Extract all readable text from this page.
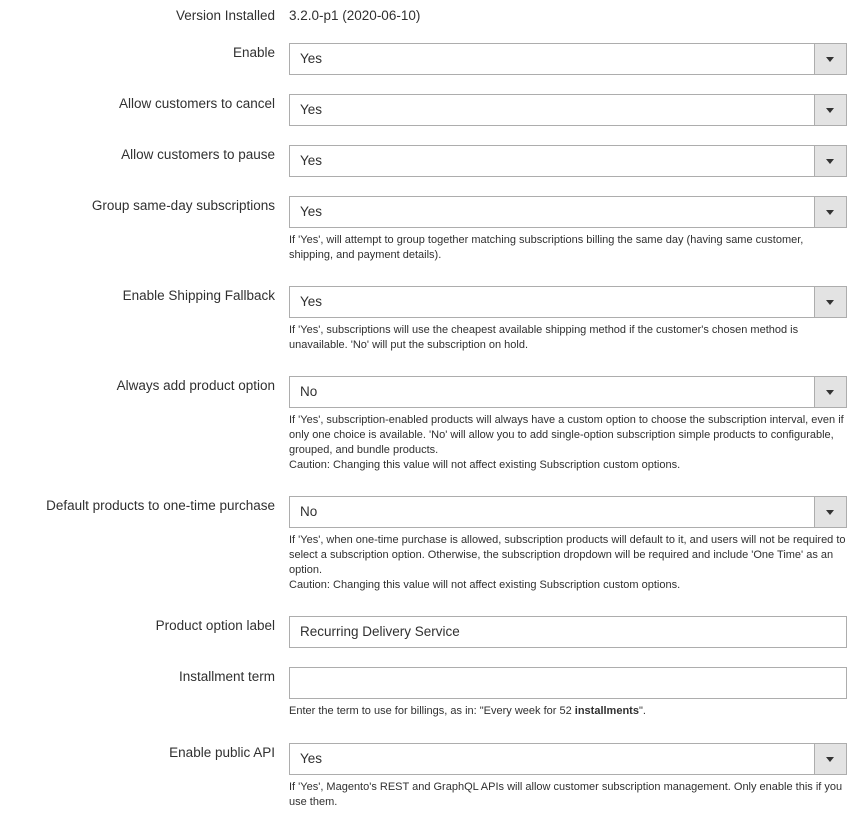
Version Installed 3.2.0-p1 (2020-06-10)
Enable Yes
Allow customers to cancel Yes
Allow customers to pause Yes
Group same-day subscriptions Yes
If 'Yes', will attempt to group together matching subscriptions billing the same day (having same customer, shipping, and payment details).
Enable Shipping Fallback Yes
If 'Yes', subscriptions will use the cheapest available shipping method if the customer's chosen method is unavailable. 'No' will put the subscription on hold.
Always add product option No

If 'Yes', subscription-enabled products will always have a custom option to choose the subscription interval, even if only one choice is available. 'No' will allow you to add single-option subscription simple products to configurable, grouped, and bundle products.

Caution: Changing this value will not affect existing Subscription custom options.

Default products to one-time purchase No

If 'Yes', when one-time purchase is allowed, subscription products will default to it, and users will not be required to select a subscription option. Otherwise, the subscription dropdown will be required and include 'One Time' as an option.

Caution: Changing this value will not affect existing Subscription custom options.

Product option label Recurring Delivery Service
Installment term
Enter the term to use for billings, as in: "Every week for 52 installments".
Enable public API Yes
If 'Yes', Magento's REST and GraphQL APIs will allow customer subscription management. Only enable this if you use them.
